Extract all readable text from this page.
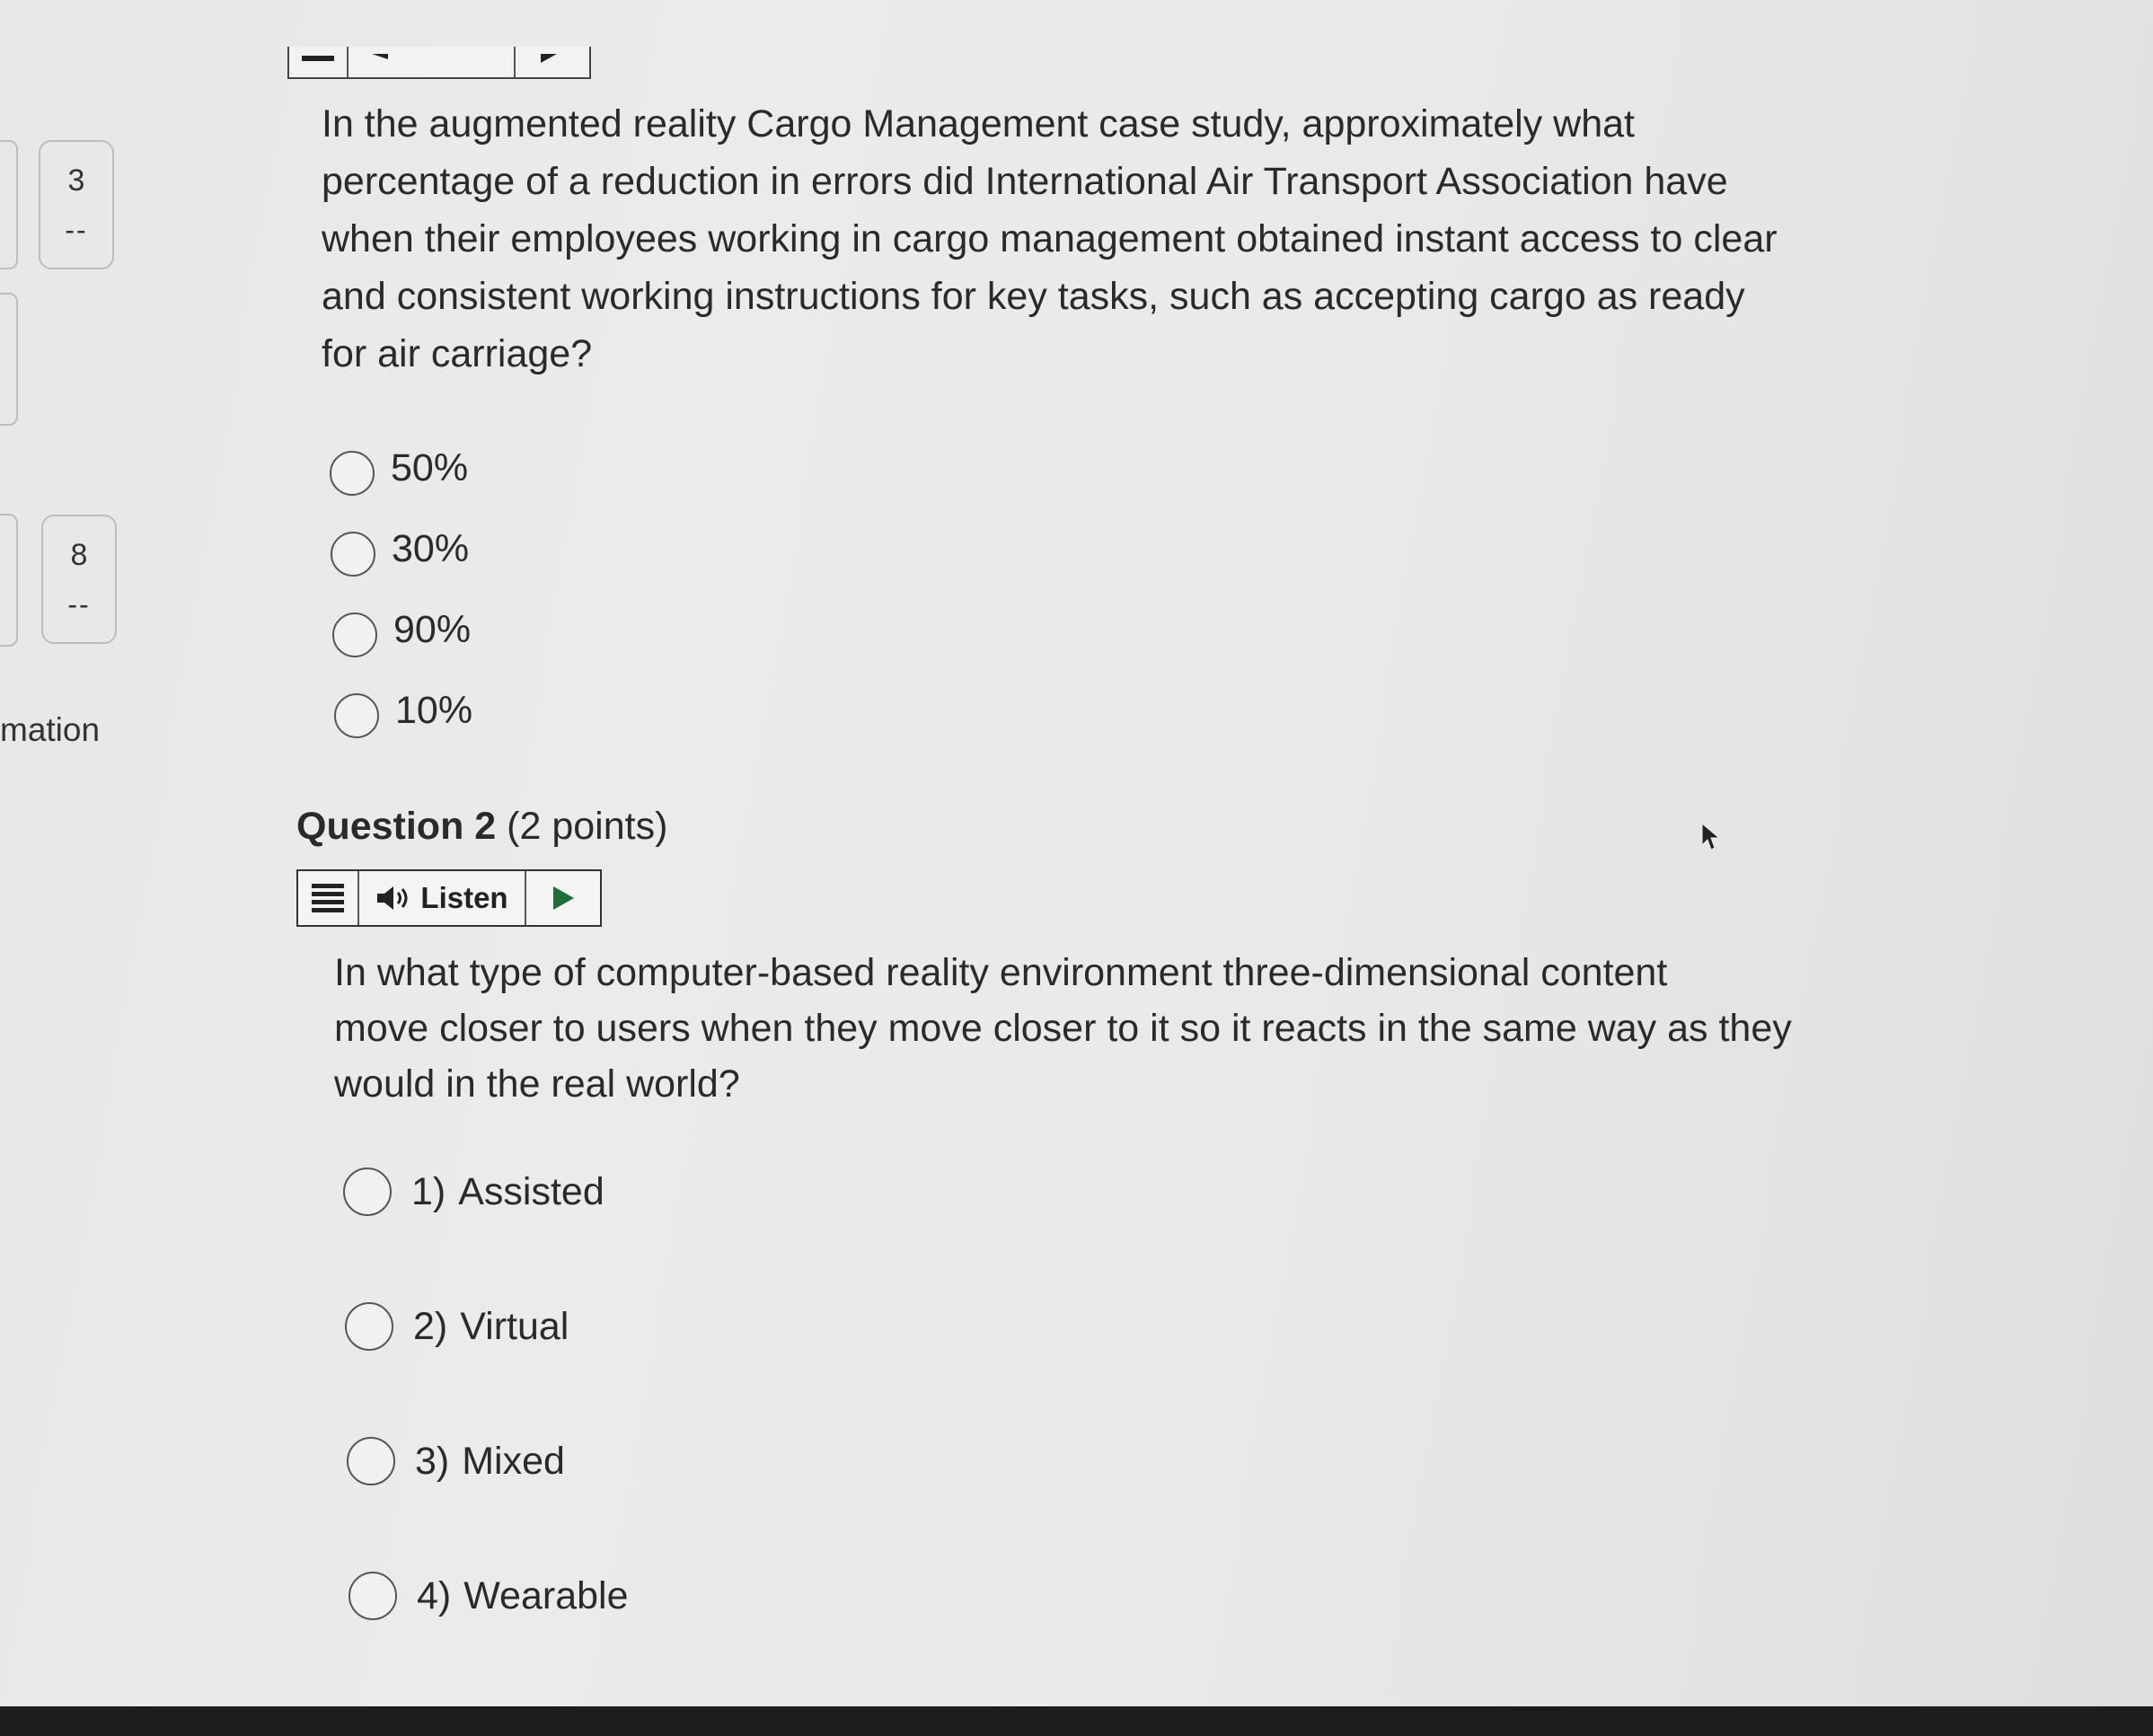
3
--
8
--
mation
In the augmented reality Cargo Management case study, approximately what
percentage of a reduction in errors did International Air Transport Association have
when their employees working in cargo management obtained instant access to clear
and consistent working instructions for key tasks, such as accepting cargo as ready
for air carriage?
50%
30%
90%
10%
Question 2 (2 points)
Listen
In what type of computer-based reality environment three-dimensional content
move closer to users when they move closer to it so it reacts in the same way as they
would in the real world?
1) Assisted
2) Virtual
3) Mixed
4) Wearable
